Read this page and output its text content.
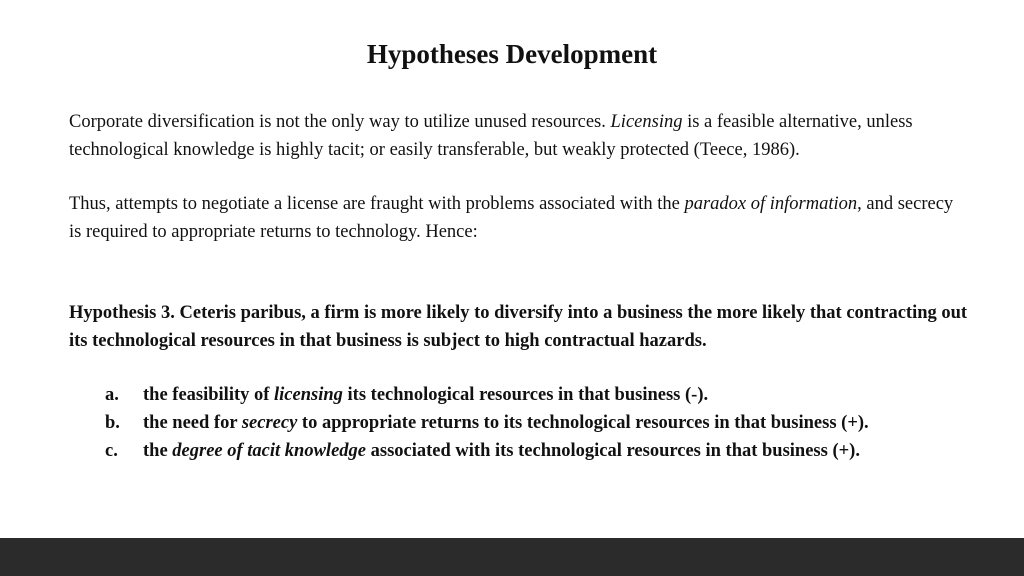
Hypotheses Development

Corporate diversification is not the only way to utilize unused resources. Licensing is a feasible alternative, unless technological knowledge is highly tacit; or easily transferable, but weakly protected (Teece, 1986).

Thus, attempts to negotiate a license are fraught with problems associated with the paradox of information, and secrecy is required to appropriate returns to technology. Hence:

Hypothesis 3. Ceteris paribus, a firm is more likely to diversify into a business the more likely that contracting out its technological resources in that business is subject to high contractual hazards.

a.	the feasibility of licensing its technological resources in that business (-).
b.	the need for secrecy to appropriate returns to its technological resources in that business (+).
c.	the degree of tacit knowledge associated with its technological resources in that business (+).
